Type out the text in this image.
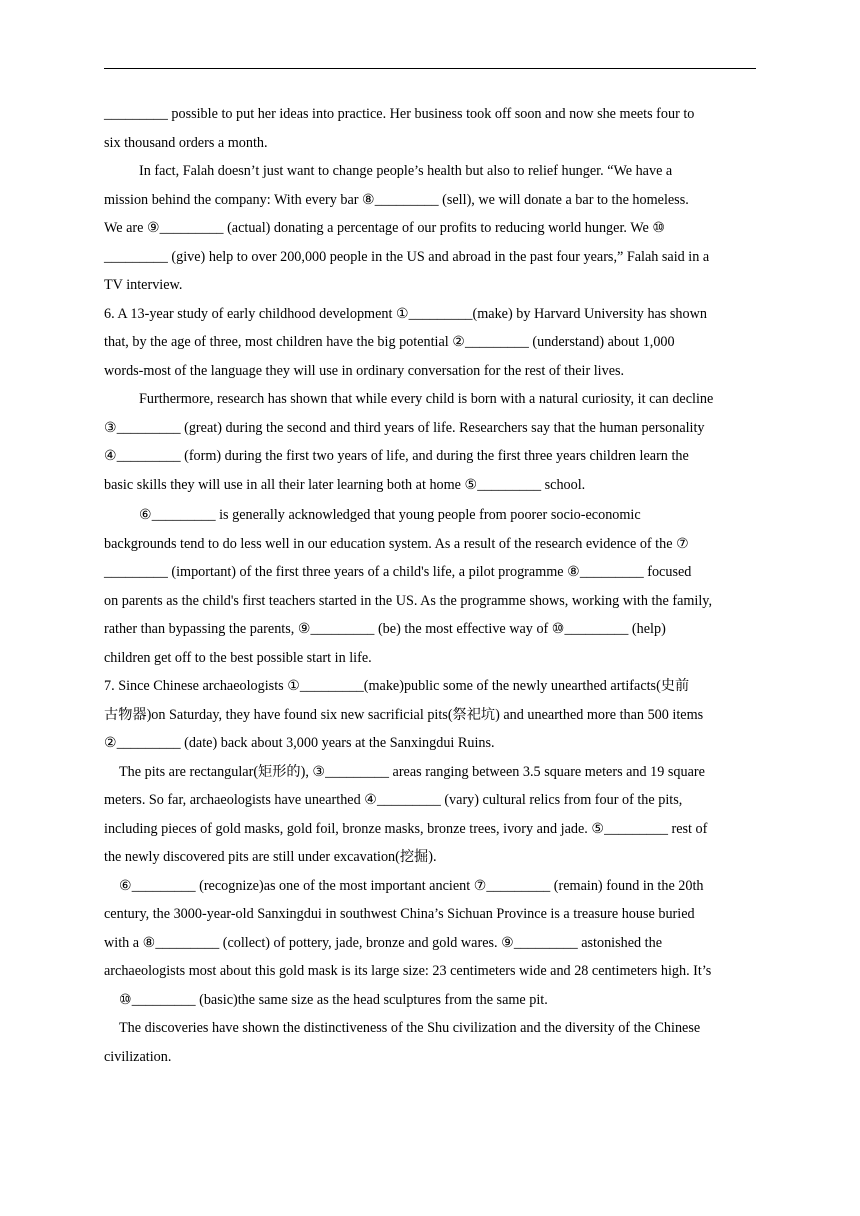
_________ possible to put her ideas into practice. Her business took off soon and now she meets four to
six thousand orders a month.
In fact, Falah doesn’t just want to change people’s health but also to relief hunger. “We have a
mission behind the company: With every bar ⑧_________ (sell), we will donate a bar to the homeless.
We are ⑨_________ (actual) donating a percentage of our profits to reducing world hunger. We ⑩
_________ (give) help to over 200,000 people in the US and abroad in the past four years,” Falah said in a
TV interview.
6. A 13-year study of early childhood development ①_________(make) by Harvard University has shown
that, by the age of three, most children have the big potential ②_________ (understand) about 1,000
words-most of the language they will use in ordinary conversation for the rest of their lives.
Furthermore, research has shown that while every child is born with a natural curiosity, it can decline
③_________ (great) during the second and third years of life. Researchers say that the human personality
④_________ (form) during the first two years of life, and during the first three years children learn the
basic skills they will use in all their later learning both at home ⑤_________ school.
⑥_________ is generally acknowledged that young people from poorer socio-economic
backgrounds tend to do less well in our education system. As a result of the research evidence of the ⑦
_________ (important) of the first three years of a child's life, a pilot programme ⑧_________ focused
on parents as the child's first teachers started in the US. As the programme shows, working with the family,
rather than bypassing the parents, ⑨_________ (be) the most effective way of ⑩_________ (help)
children get off to the best possible start in life.
7. Since Chinese archaeologists ①_________(make)public some of the newly unearthed artifacts(史前
古物器)on Saturday, they have found six new sacrificial pits(祭祀坑) and unearthed more than 500 items
②_________ (date) back about 3,000 years at the Sanxingdui Ruins.
The pits are rectangular(矩形的), ③_________ areas ranging between 3.5 square meters and 19 square
meters. So far, archaeologists have unearthed ④_________ (vary) cultural relics from four of the pits,
including pieces of gold masks, gold foil, bronze masks, bronze trees, ivory and jade. ⑤_________ rest of
the newly discovered pits are still under excavation(挖掘).
⑥_________ (recognize)as one of the most important ancient ⑦_________ (remain) found in the 20th
century, the 3000-year-old Sanxingdui in southwest China’s Sichuan Province is a treasure house buried
with a ⑧_________ (collect) of pottery, jade, bronze and gold wares. ⑨_________ astonished the
archaeologists most about this gold mask is its large size: 23 centimeters wide and 28 centimeters high. It’s
⑩_________ (basic)the same size as the head sculptures from the same pit.
The discoveries have shown the distinctiveness of the Shu civilization and the diversity of the Chinese
civilization.
